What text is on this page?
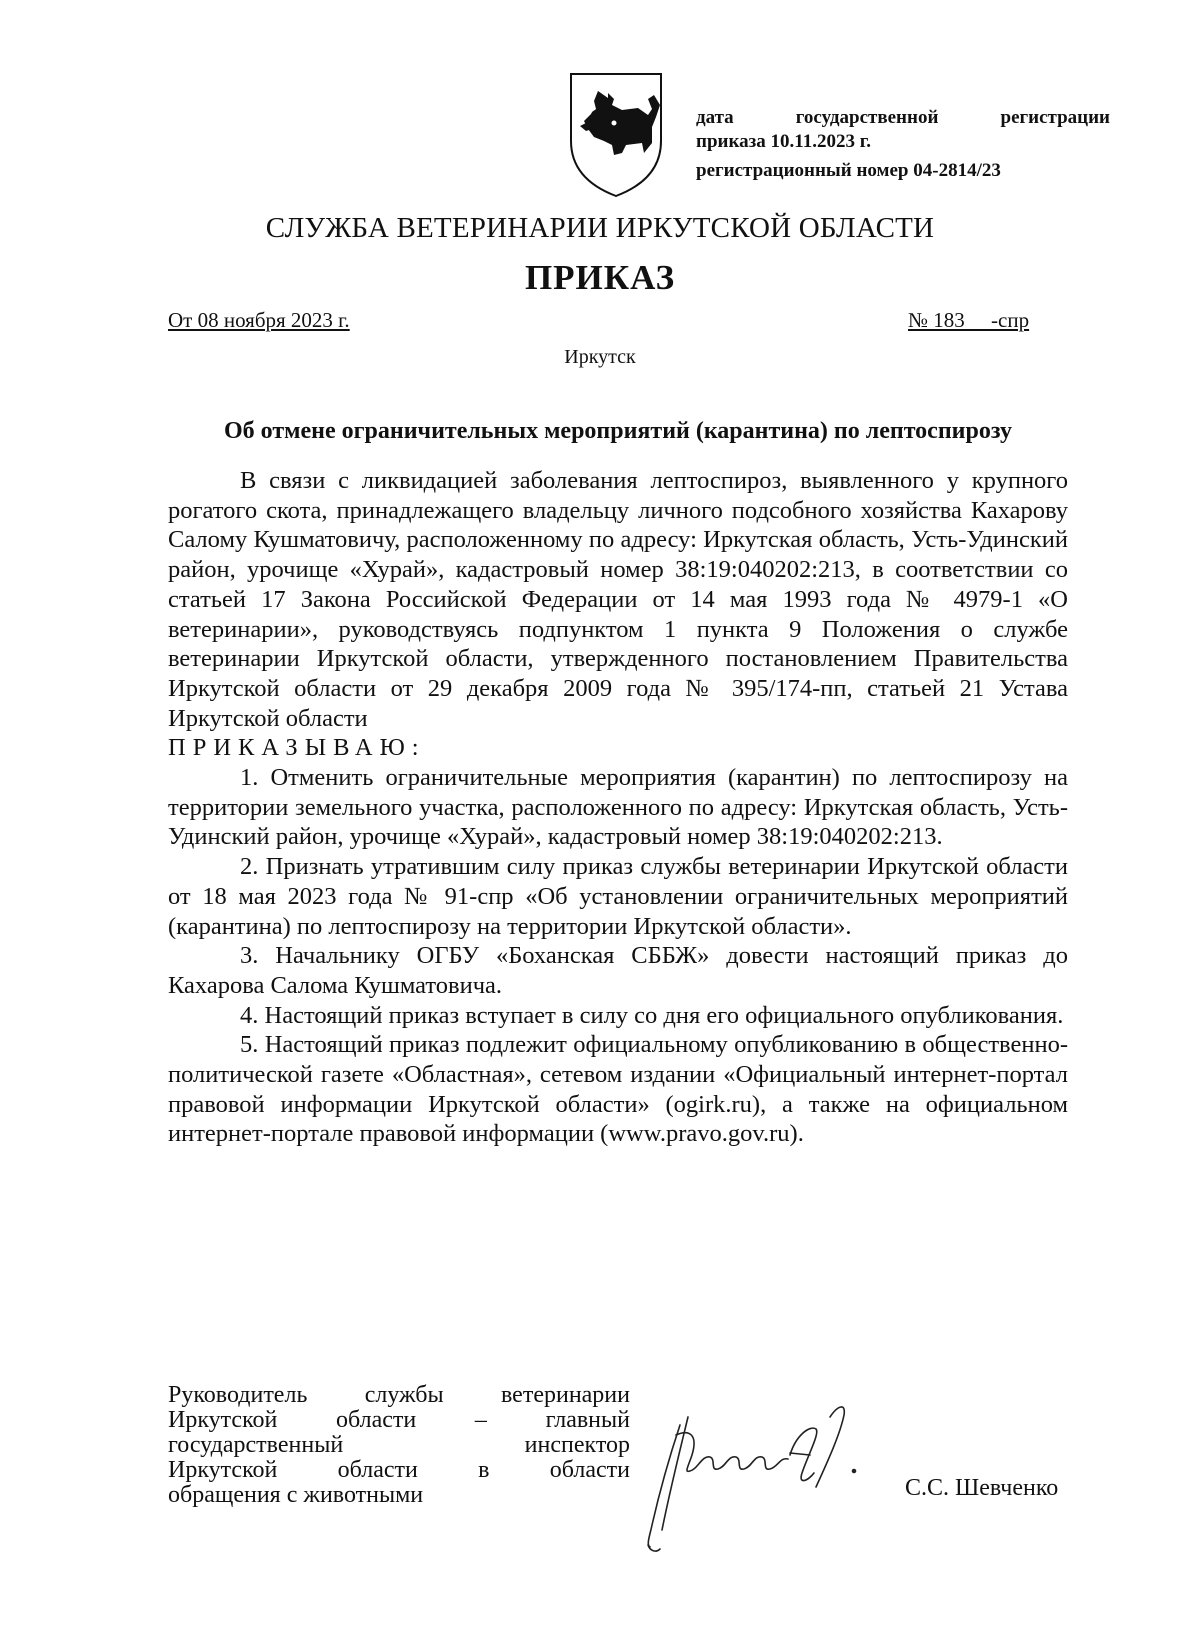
дата	государственной	регистрации
приказа 10.11.2023 г.
регистрационный номер 04-2814/23
СЛУЖБА ВЕТЕРИНАРИИ ИРКУТСКОЙ ОБЛАСТИ
ПРИКАЗ
От 08 ноября 2023 г.	№ 183     -спр
Иркутск
Об отмене ограничительных мероприятий (карантина) по лептоспирозу

В связи с ликвидацией заболевания лептоспироз, выявленного у крупного рогатого скота, принадлежащего владельцу личного подсобного хозяйства Кахарову Салому Кушматовичу, расположенному по адресу: Иркутская область, Усть-Удинский район, урочище «Хурай», кадастровый номер 38:19:040202:213, в соответствии со статьей 17 Закона Российской Федерации от 14 мая 1993 года № 4979-1 «О ветеринарии», руководствуясь подпунктом 1 пункта 9 Положения о службе ветеринарии Иркутской области, утвержденного постановлением Правительства Иркутской области от 29 декабря 2009 года № 395/174-пп, статьей 21 Устава Иркутской области

ПРИКАЗЫВАЮ:

1. Отменить ограничительные мероприятия (карантин) по лептоспирозу на территории земельного участка, расположенного по адресу: Иркутская область, Усть-Удинский район, урочище «Хурай», кадастровый номер 38:19:040202:213.

2. Признать утратившим силу приказ службы ветеринарии Иркутской области от 18 мая 2023 года № 91-спр «Об установлении ограничительных мероприятий (карантина) по лептоспирозу на территории Иркутской области».

3. Начальнику ОГБУ «Боханская СББЖ» довести настоящий приказ до Кахарова Салома Кушматовича.

4. Настоящий приказ вступает в силу со дня его официального опубликования.

5. Настоящий приказ подлежит официальному опубликованию в общественно-политической газете «Областная», сетевом издании «Официальный интернет-портал правовой информации Иркутской области» (ogirk.ru), а также на официальном интернет-портале правовой информации (www.pravo.gov.ru).

Руководитель службы ветеринарии
Иркутской области – главный
государственный инспектор
Иркутской области в области
обращения с животными	С.С. Шевченко
